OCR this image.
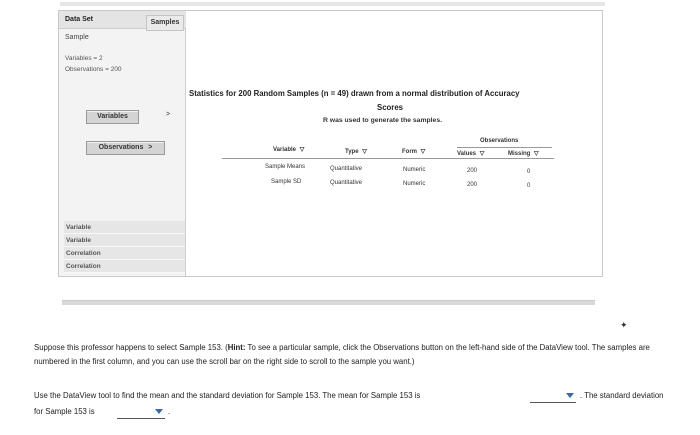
Data Set	Samples
Sample
Variables = 2
Observations = 200
Variables	>
Observations >
Variable
Variable
Correlation
Correlation
Statistics for 200 Random Samples (n = 49) drawn from a normal distribution of Accuracy
Scores
R was used to generate the samples.
Observations
Variable ▽	Type ▽	Form ▽	Values ▽	Missing ▽
Sample Means	Quantitative	Numeric	200	0
Sample SD	Quantitative	Numeric	200	0
✦
Suppose this professor happens to select Sample 153. (Hint: To see a particular sample, click the Observations button on the left-hand side of the DataView tool. The samples are numbered in the first column, and you can use the scroll bar on the right side to scroll to the sample you want.)
Use the DataView tool to find the mean and the standard deviation for Sample 153. The mean for Sample 153 is	. The standard deviation
for Sample 153 is	.
